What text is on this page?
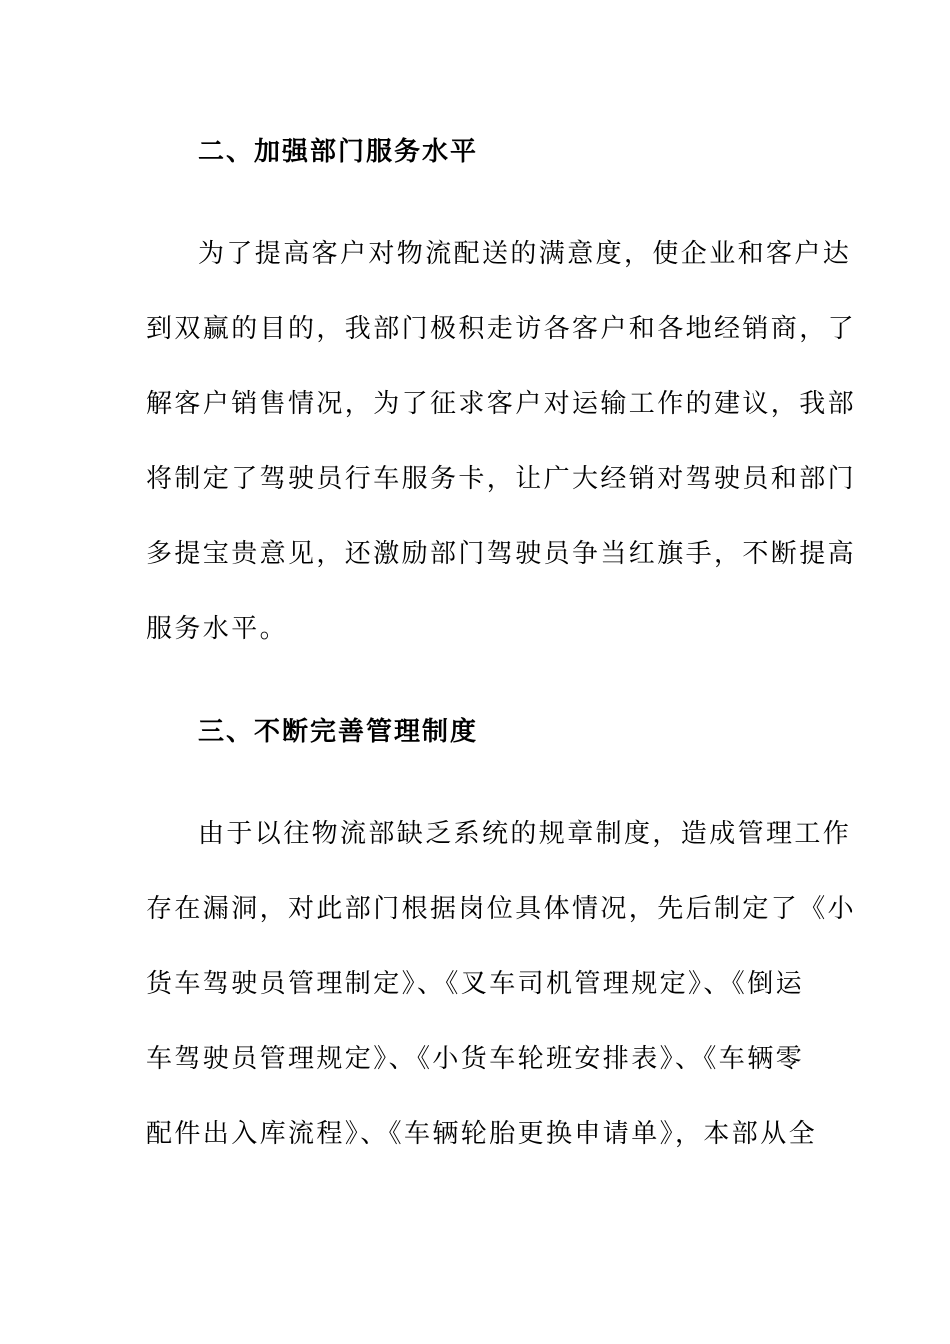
二、加强部门服务水平
为了提高客户对物流配送的满意度，使企业和客户达
到双赢的目的，我部门极积走访各客户和各地经销商，了
解客户销售情况，为了征求客户对运输工作的建议，我部
将制定了驾驶员行车服务卡，让广大经销对驾驶员和部门
多提宝贵意见，还激励部门驾驶员争当红旗手，不断提高
服务水平。
三、不断完善管理制度
由于以往物流部缺乏系统的规章制度，造成管理工作
存在漏洞，对此部门根据岗位具体情况，先后制定了《小
货车驾驶员管理制定》、《叉车司机管理规定》、《倒运
车驾驶员管理规定》、《小货车轮班安排表》、《车辆零
配件出入库流程》、《车辆轮胎更换申请单》，本部从全
